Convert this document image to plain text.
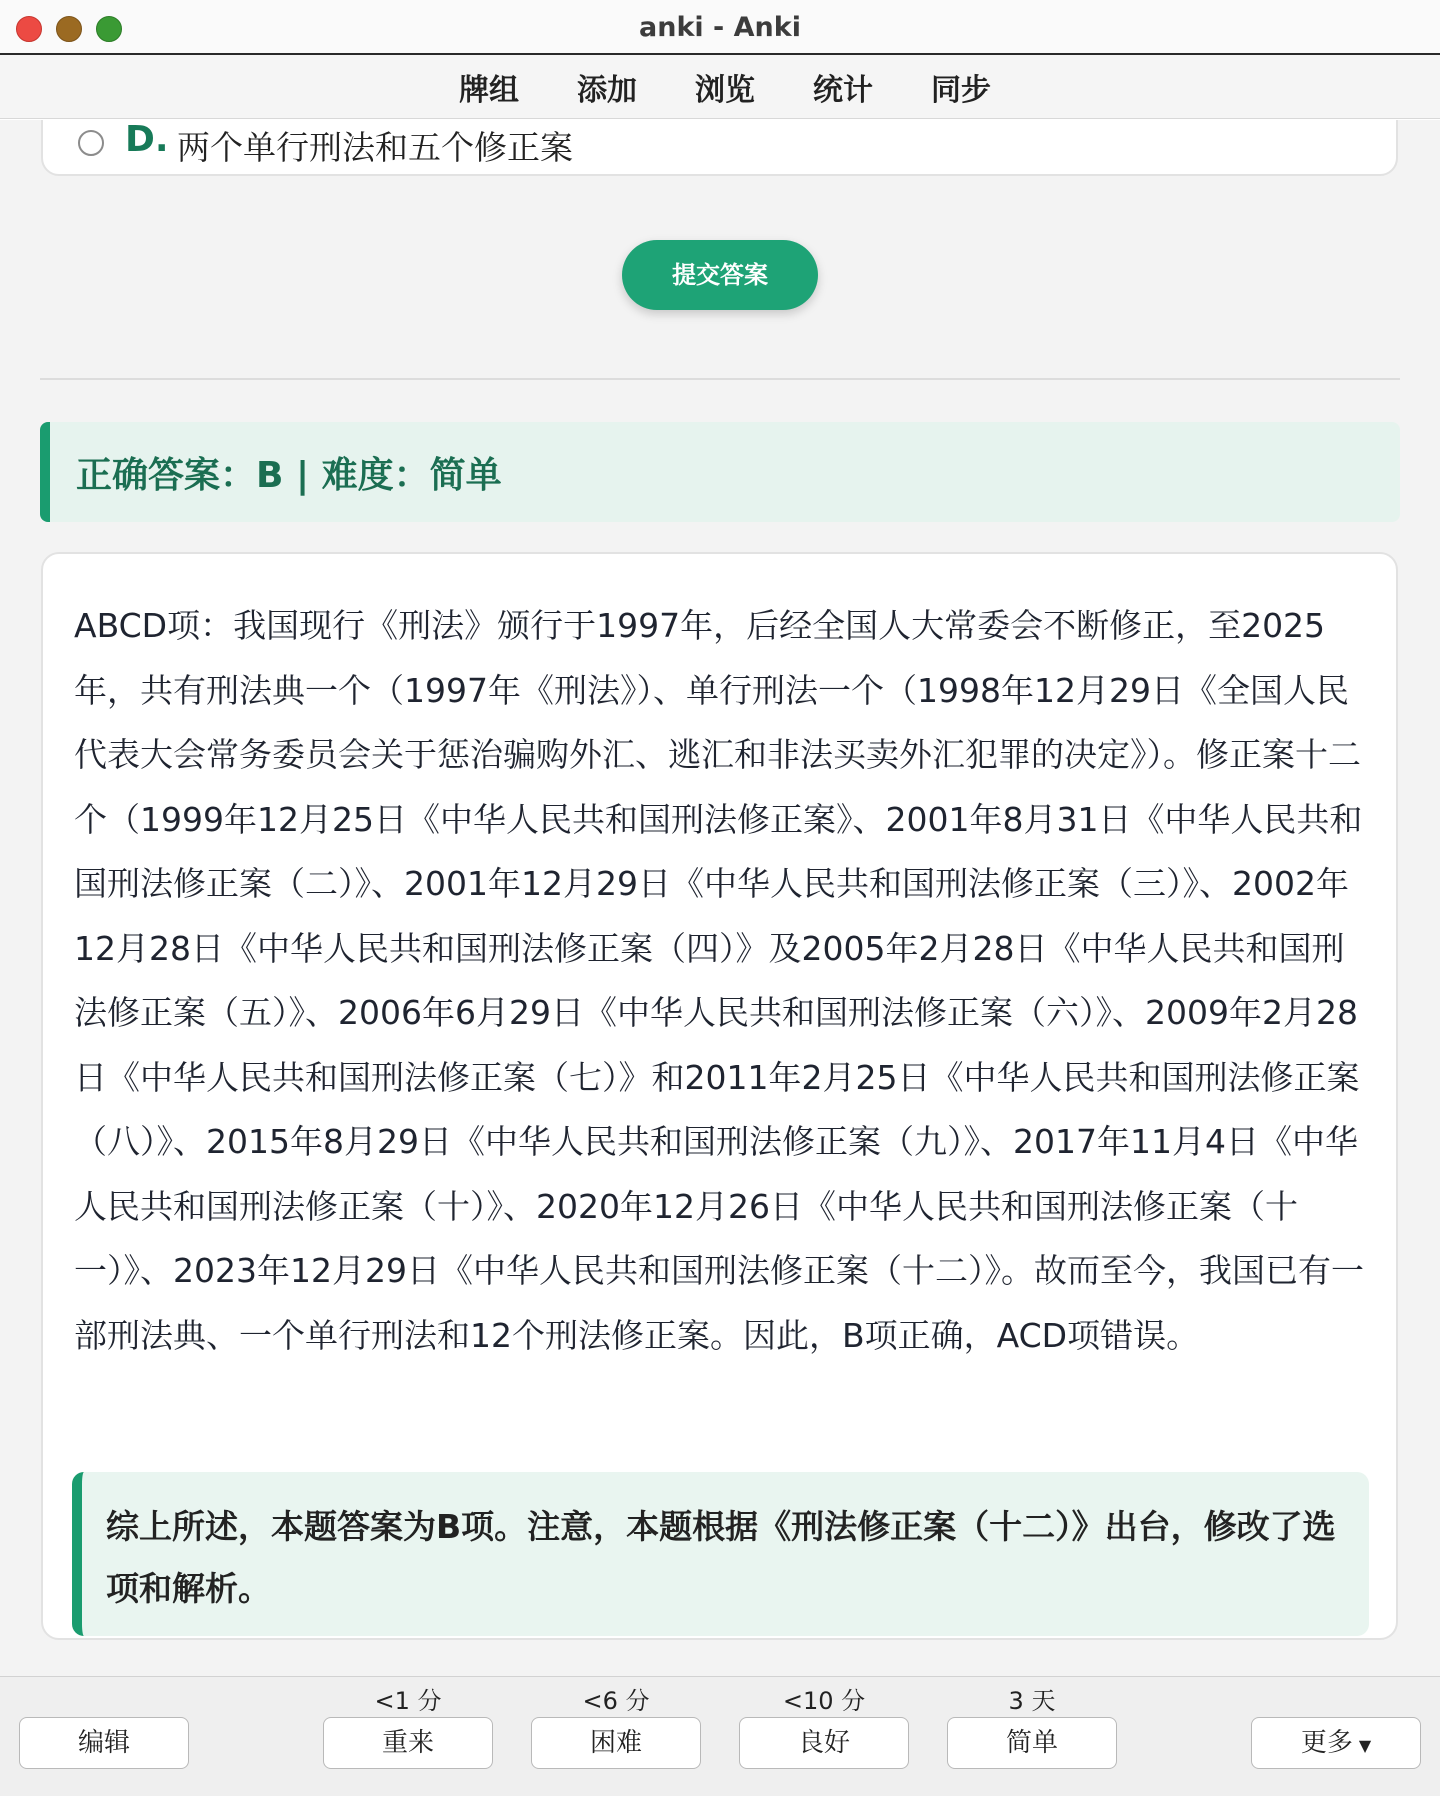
anki - Anki
牌组 添加 浏览 统计 同步
D. 两个单行刑法和五个修正案
提交答案
正确答案：B | 难度：简单
ABCD项：我国现行《刑法》颁行于1997年，后经全国人大常委会不断修正，至2025年，共有刑法典一个（1997年《刑法》）、单行刑法一个（1998年12月29日《全国人民代表大会常务委员会关于惩治骗购外汇、逃汇和非法买卖外汇犯罪的决定》）。修正案十二个（1999年12月25日《中华人民共和国刑法修正案》、2001年8月31日《中华人民共和国刑法修正案（二）》、2001年12月29日《中华人民共和国刑法修正案（三）》、2002年12月28日《中华人民共和国刑法修正案（四）》及2005年2月28日《中华人民共和国刑法修正案（五）》、2006年6月29日《中华人民共和国刑法修正案（六）》、2009年2月28日《中华人民共和国刑法修正案（七）》和2011年2月25日《中华人民共和国刑法修正案（八）》、2015年8月29日《中华人民共和国刑法修正案（九）》、2017年11月4日《中华人民共和国刑法修正案（十）》、2020年12月26日《中华人民共和国刑法修正案（十一）》、2023年12月29日《中华人民共和国刑法修正案（十二）》。故而至今，我国已有一部刑法典、一个单行刑法和12个刑法修正案。因此，B项正确，ACD项错误。
综上所述，本题答案为B项。注意，本题根据《刑法修正案（十二）》出台，修改了选项和解析。
编辑
<1 分
重来
<6 分
困难
<10 分
良好
3 天
简单	更多 ▼
